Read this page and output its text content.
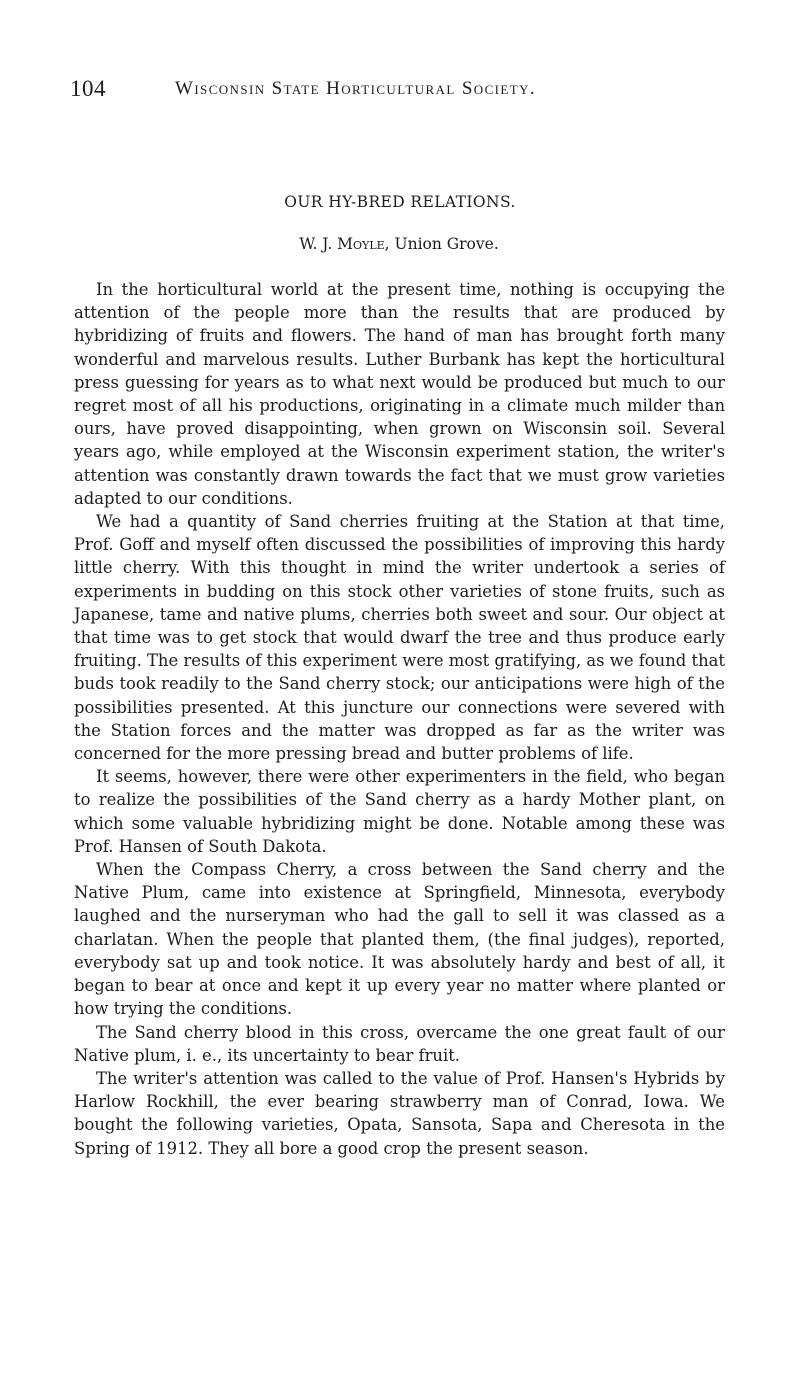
104	Wisconsin State Horticultural Society.
OUR HY-BRED RELATIONS.
W. J. Moyle, Union Grove.

In the horticultural world at the present time, nothing is occupying the attention of the people more than the results that are produced by hybridizing of fruits and flowers. The hand of man has brought forth many wonderful and marvelous results. Luther Burbank has kept the horticultural press guessing for years as to what next would be produced but much to our regret most of all his productions, originating in a climate much milder than ours, have proved disappointing, when grown on Wisconsin soil. Several years ago, while employed at the Wisconsin experiment station, the writer's attention was constantly drawn towards the fact that we must grow varieties adapted to our conditions.

We had a quantity of Sand cherries fruiting at the Station at that time, Prof. Goff and myself often discussed the possibilities of improving this hardy little cherry. With this thought in mind the writer undertook a series of experiments in budding on this stock other varieties of stone fruits, such as Japanese, tame and native plums, cherries both sweet and sour. Our object at that time was to get stock that would dwarf the tree and thus produce early fruiting. The results of this experiment were most gratifying, as we found that buds took readily to the Sand cherry stock; our anticipations were high of the possibilities presented. At this juncture our connections were severed with the Station forces and the matter was dropped as far as the writer was concerned for the more pressing bread and butter problems of life.

It seems, however, there were other experimenters in the field, who began to realize the possibilities of the Sand cherry as a hardy Mother plant, on which some valuable hybridizing might be done. Notable among these was Prof. Hansen of South Dakota.

When the Compass Cherry, a cross between the Sand cherry and the Native Plum, came into existence at Springfield, Minnesota, everybody laughed and the nurseryman who had the gall to sell it was classed as a charlatan. When the people that planted them, (the final judges), reported, everybody sat up and took notice. It was absolutely hardy and best of all, it began to bear at once and kept it up every year no matter where planted or how trying the conditions.

The Sand cherry blood in this cross, overcame the one great fault of our Native plum, i. e., its uncertainty to bear fruit.

The writer's attention was called to the value of Prof. Hansen's Hybrids by Harlow Rockhill, the ever bearing strawberry man of Conrad, Iowa. We bought the following varieties, Opata, Sansota, Sapa and Cheresota in the Spring of 1912. They all bore a good crop the present season.
